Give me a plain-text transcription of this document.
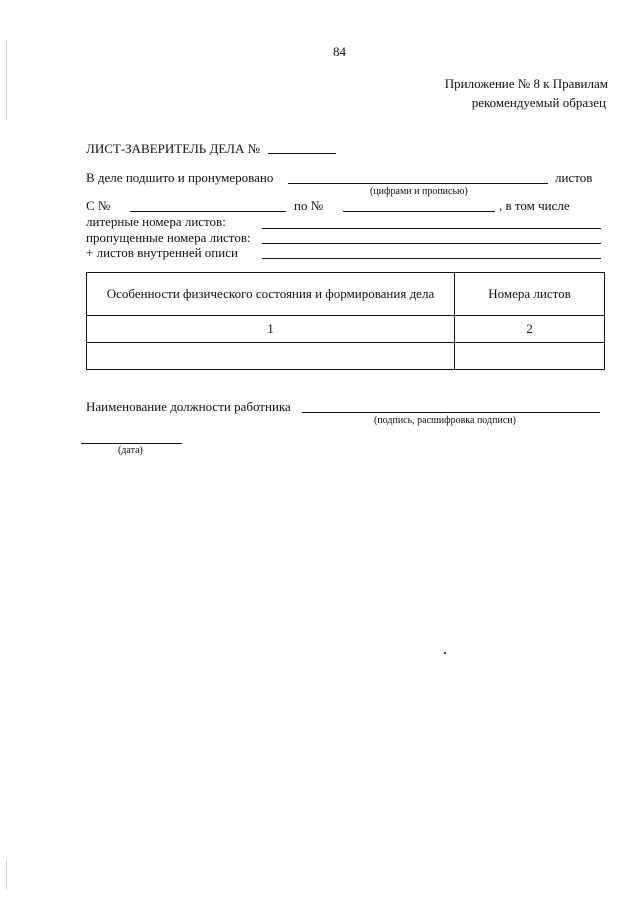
84
Приложение № 8 к Правилам
рекомендуемый образец
ЛИСТ-ЗАВЕРИТЕЛЬ ДЕЛА №
В деле подшито и пронумеровано	листов
(цифрами и прописью)
С №	по №	, в том числе
литерные номера листов:
пропущенные номера листов:
+ листов внутренней описи
Особенности физического состояния и формирования дела	Номера листов
1	2

Наименование должности работника
(подпись, расшифровка подписи)
(дата)
